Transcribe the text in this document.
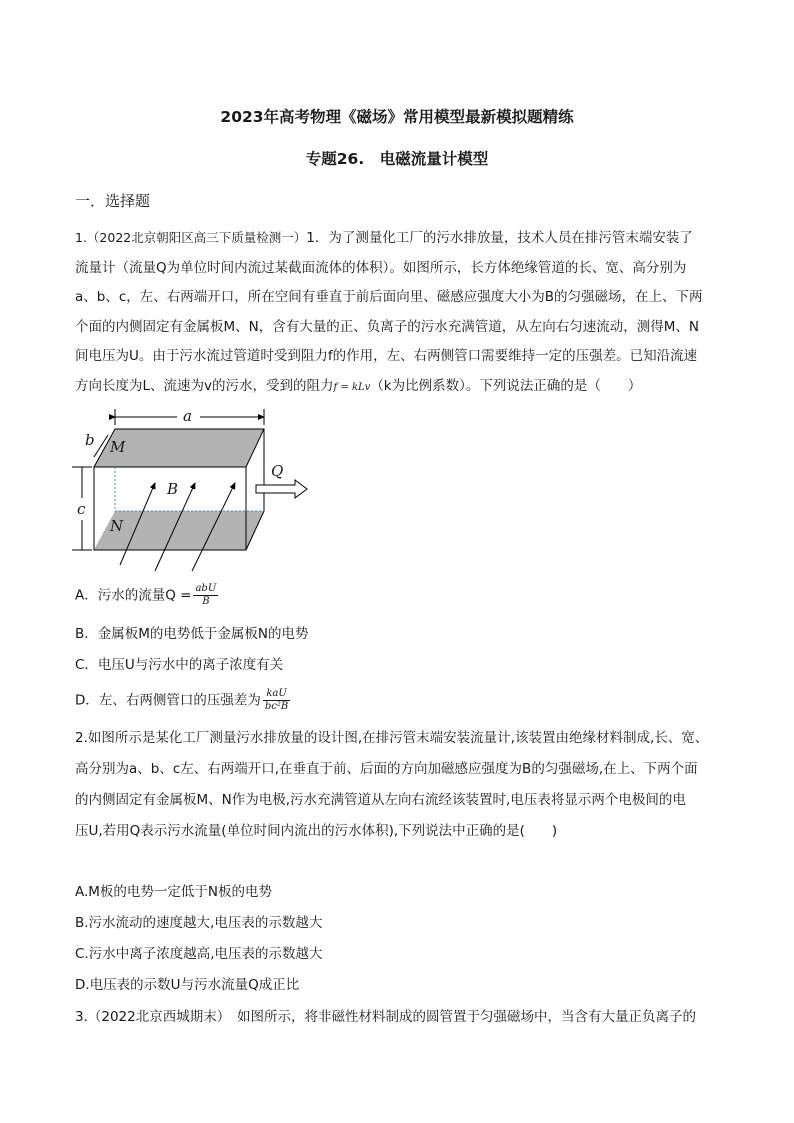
2023年高考物理《磁场》常用模型最新模拟题精练
专题26.　电磁流量计模型
一．选择题
1.（2022北京朝阳区高三下质量检测一）1．为了测量化工厂的污水排放量，技术人员在排污管末端安装了
流量计（流量Q为单位时间内流过某截面流体的体积）。如图所示，长方体绝缘管道的长、宽、高分别为
a、b、c，左、右两端开口，所在空间有垂直于前后面向里、磁感应强度大小为B的匀强磁场，在上、下两
个面的内侧固定有金属板M、N，含有大量的正、负离子的污水充满管道，从左向右匀速流动，测得M、N
间电压为U。由于污水流过管道时受到阻力f的作用，左、右两侧管口需要维持一定的压强差。已知沿流速
方向长度为L、流速为v的污水，受到的阻力f = kLv（k为比例系数）。下列说法正确的是（　　）
a
b
c
M
N
B
Q
A．污水的流量$Q = \frac{\text{abU}}{B}$
B．金属板M的电势低于金属板N的电势
C．电压U与污水中的离子浓度有关
D．左、右两侧管口的压强差为 $\frac{\text{kaU}}{\text{bc²B}}$
2.如图所示是某化工厂测量污水排放量的设计图,在排污管末端安装流量计,该装置由绝缘材料制成,长、宽、
高分别为a、b、c左、右两端开口,在垂直于前、后面的方向加磁感应强度为B的匀强磁场,在上、下两个面
的内侧固定有金属板M、N作为电极,污水充满管道从左向右流经该装置时,电压表将显示两个电极间的电
压U,若用Q表示污水流量(单位时间内流出的污水体积),下列说法中正确的是(　　)
A.M板的电势一定低于N板的电势
B.污水流动的速度越大,电压表的示数越大
C.污水中离子浓度越高,电压表的示数越大
D.电压表的示数U与污水流量Q成正比
3.（2022北京西城期末）　如图所示，将非磁性材料制成的圆管置于匀强磁场中，当含有大量正负离子的
